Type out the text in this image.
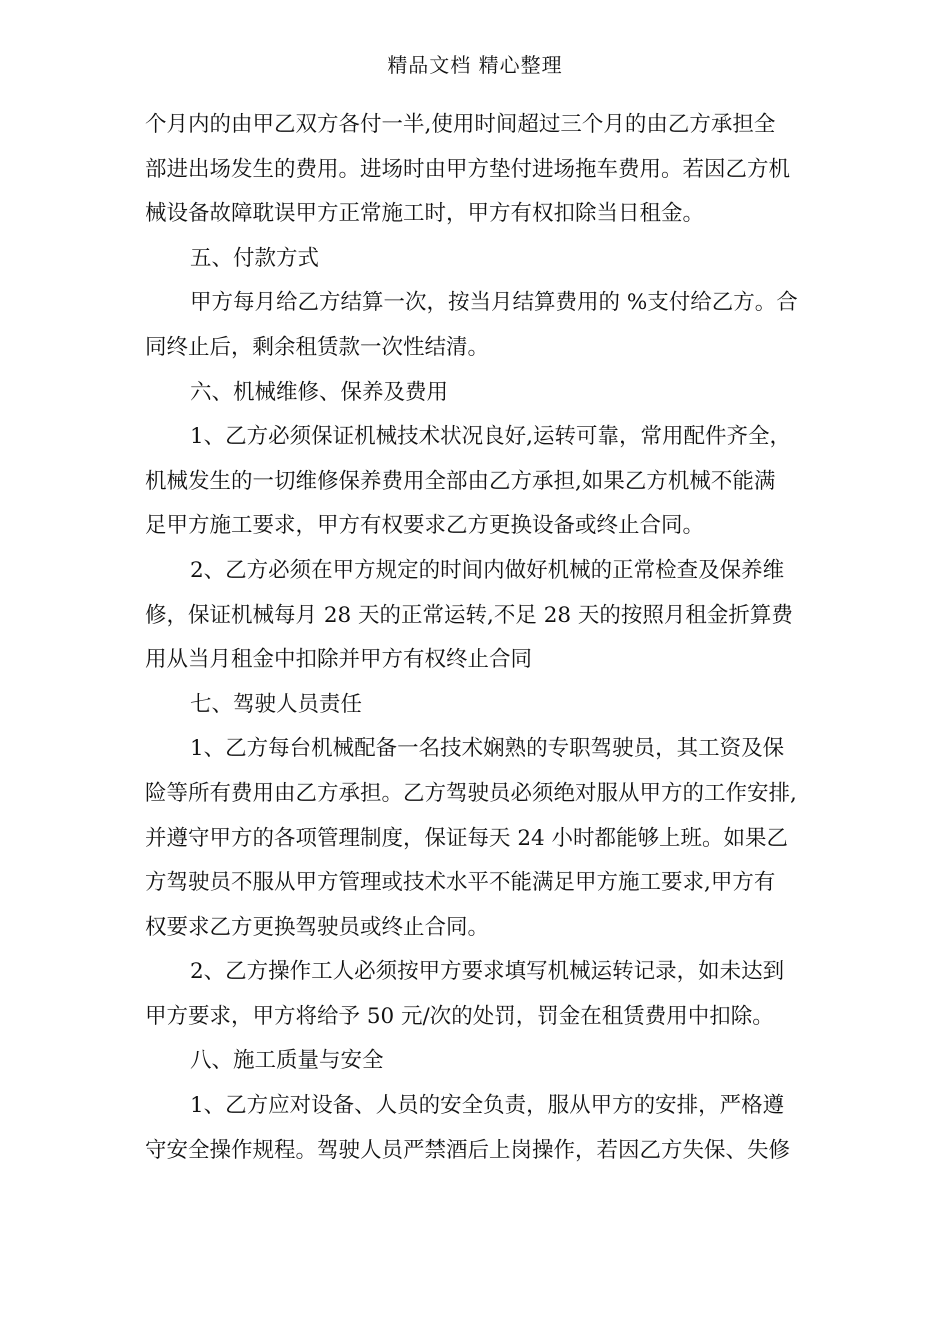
精品文档 精心整理
个月内的由甲乙双方各付一半,使用时间超过三个月的由乙方承担全
部进出场发生的费用。进场时由甲方垫付进场拖车费用。若因乙方机
械设备故障耽误甲方正常施工时，甲方有权扣除当日租金。
五、付款方式
甲方每月给乙方结算一次，按当月结算费用的 %支付给乙方。合
同终止后，剩余租赁款一次性结清。
六、机械维修、保养及费用
1、乙方必须保证机械技术状况良好,运转可靠，常用配件齐全，
机械发生的一切维修保养费用全部由乙方承担,如果乙方机械不能满
足甲方施工要求，甲方有权要求乙方更换设备或终止合同。
2、乙方必须在甲方规定的时间内做好机械的正常检查及保养维
修，保证机械每月 28 天的正常运转,不足 28 天的按照月租金折算费
用从当月租金中扣除并甲方有权终止合同
七、驾驶人员责任
1、乙方每台机械配备一名技术娴熟的专职驾驶员，其工资及保
险等所有费用由乙方承担。乙方驾驶员必须绝对服从甲方的工作安排,
并遵守甲方的各项管理制度，保证每天 24 小时都能够上班。如果乙
方驾驶员不服从甲方管理或技术水平不能满足甲方施工要求,甲方有
权要求乙方更换驾驶员或终止合同。
2、乙方操作工人必须按甲方要求填写机械运转记录，如未达到
甲方要求，甲方将给予 50 元/次的处罚，罚金在租赁费用中扣除。
八、施工质量与安全
1、乙方应对设备、人员的安全负责，服从甲方的安排，严格遵
守安全操作规程。驾驶人员严禁酒后上岗操作，若因乙方失保、失修
